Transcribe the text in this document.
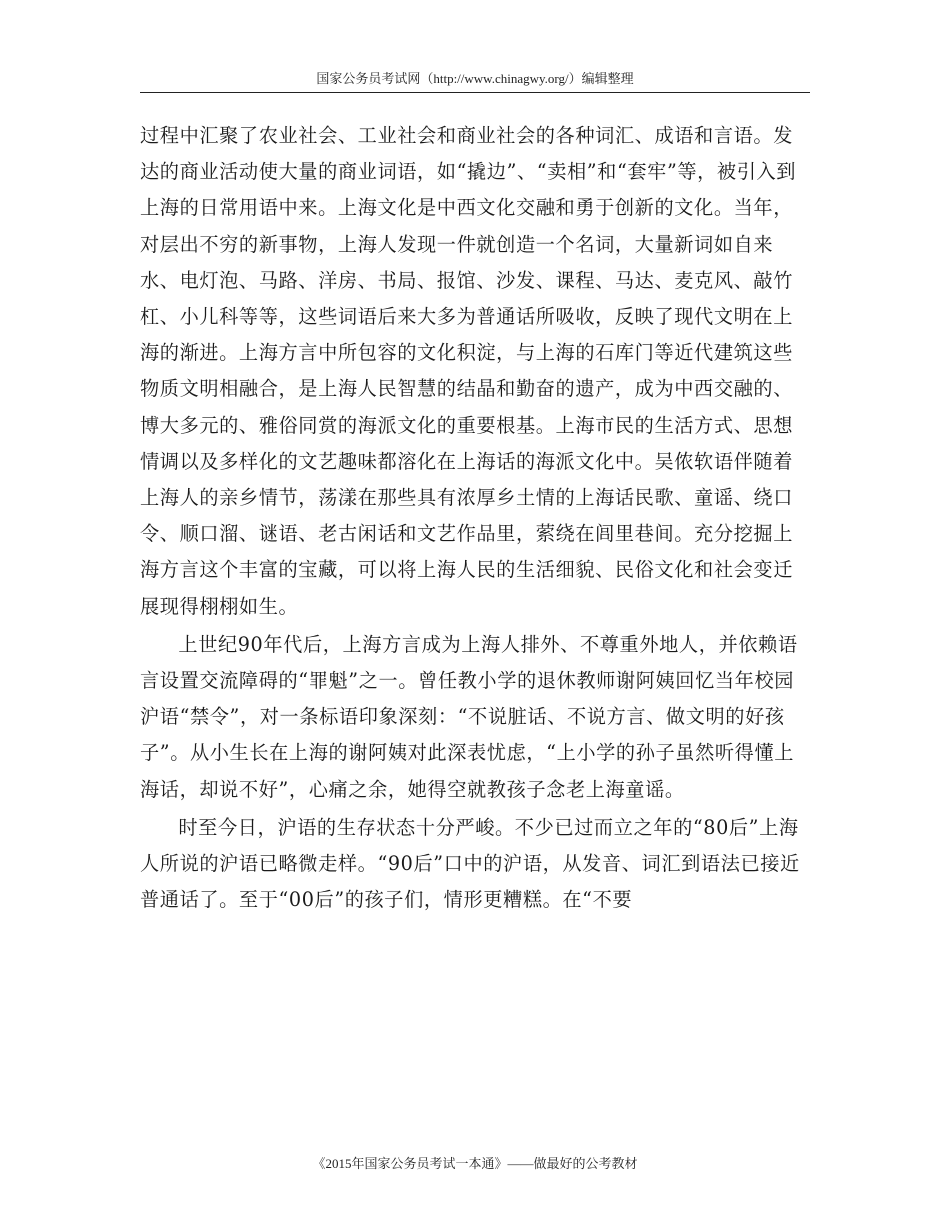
国家公务员考试网（http://www.chinagwy.org/）编辑整理

过程中汇聚了农业社会、工业社会和商业社会的各种词汇、成语和言语。发达的商业活动使大量的商业词语，如“撬边”、“卖相”和“套牢”等，被引入到上海的日常用语中来。上海文化是中西文化交融和勇于创新的文化。当年，对层出不穷的新事物，上海人发现一件就创造一个名词，大量新词如自来水、电灯泡、马路、洋房、书局、报馆、沙发、课程、马达、麦克风、敲竹杠、小儿科等等，这些词语后来大多为普通话所吸收，反映了现代文明在上海的渐进。上海方言中所包容的文化积淀，与上海的石库门等近代建筑这些物质文明相融合，是上海人民智慧的结晶和勤奋的遗产，成为中西交融的、博大多元的、雅俗同赏的海派文化的重要根基。上海市民的生活方式、思想情调以及多样化的文艺趣味都溶化在上海话的海派文化中。吴侬软语伴随着上海人的亲乡情节，荡漾在那些具有浓厚乡土情的上海话民歌、童谣、绕口令、顺口溜、谜语、老古闲话和文艺作品里，萦绕在闾里巷间。充分挖掘上海方言这个丰富的宝藏，可以将上海人民的生活细貌、民俗文化和社会变迁展现得栩栩如生。

上世纪90年代后，上海方言成为上海人排外、不尊重外地人，并依赖语言设置交流障碍的“罪魁”之一。曾任教小学的退休教师谢阿姨回忆当年校园沪语“禁令”，对一条标语印象深刻：“不说脏话、不说方言、做文明的好孩子”。从小生长在上海的谢阿姨对此深表忧虑，“上小学的孙子虽然听得懂上海话，却说不好”，心痛之余，她得空就教孩子念老上海童谣。

时至今日，沪语的生存状态十分严峻。不少已过而立之年的“80后”上海人所说的沪语已略微走样。“90后”口中的沪语，从发音、词汇到语法已接近普通话了。至于“00后”的孩子们，情形更糟糕。在“不要

《2015年国家公务员考试一本通》——做最好的公考教材
